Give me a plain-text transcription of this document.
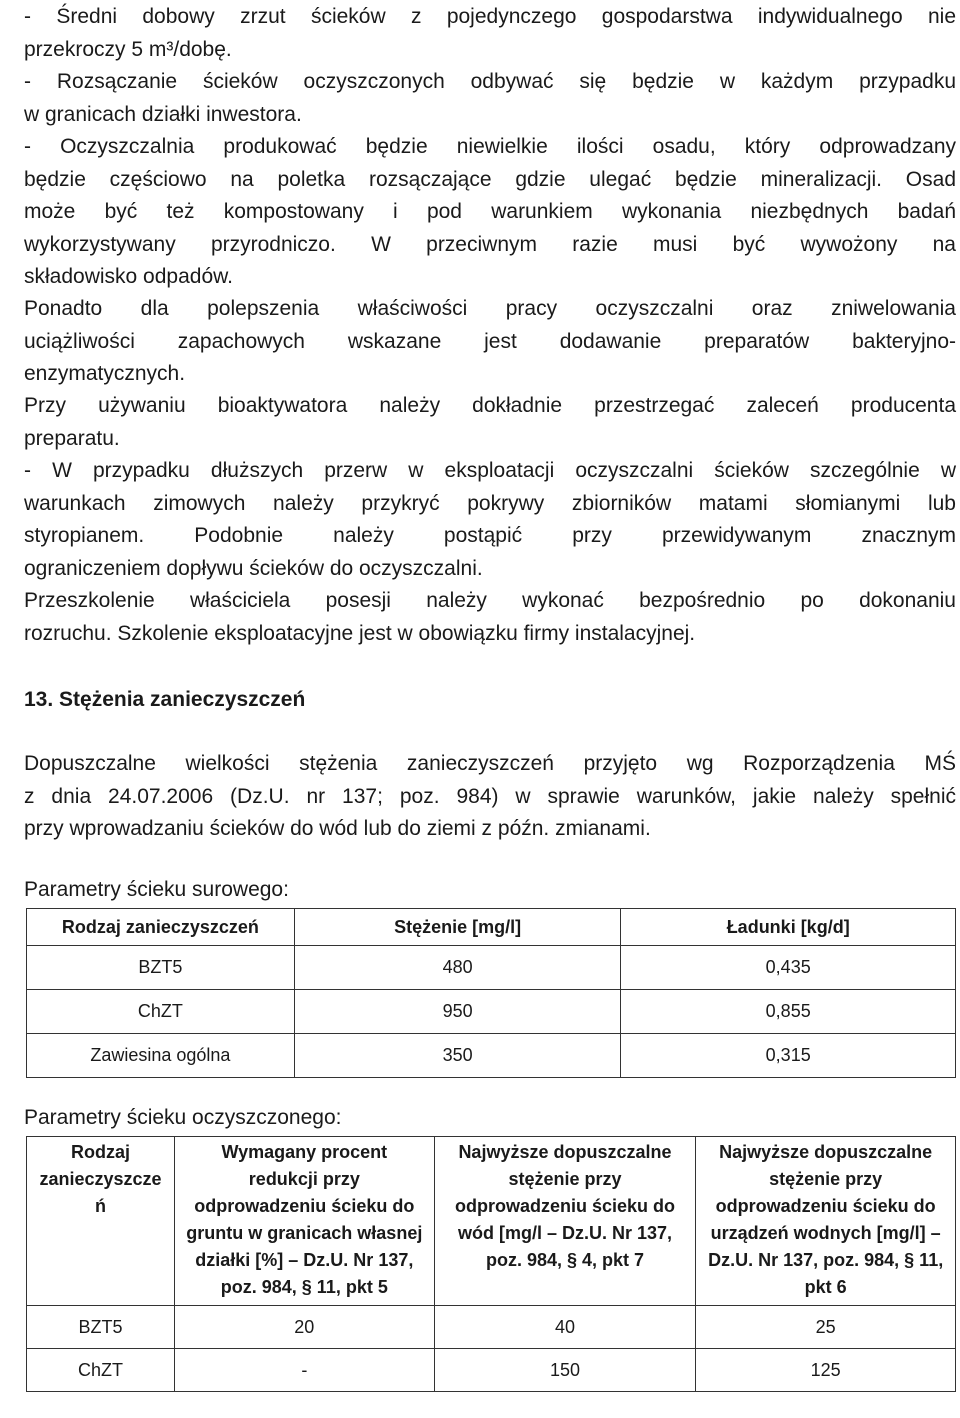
- Średni dobowy zrzut ścieków z pojedynczego gospodarstwa indywidualnego nie
przekroczy 5 m³/dobę.
- Rozsączanie ścieków oczyszczonych odbywać się będzie w każdym przypadku
w granicach działki inwestora.
- Oczyszczalnia produkować będzie niewielkie ilości osadu, który odprowadzany
będzie częściowo na poletka rozsączające gdzie ulegać będzie mineralizacji. Osad
może być też kompostowany i pod warunkiem wykonania niezbędnych badań
wykorzystywany przyrodniczo. W przeciwnym razie musi być wywożony na
składowisko odpadów.
Ponadto dla polepszenia właściwości pracy oczyszczalni oraz zniwelowania
uciążliwości zapachowych wskazane jest dodawanie preparatów bakteryjno-
enzymatycznych.
Przy używaniu bioaktywatora należy dokładnie przestrzegać zaleceń producenta
preparatu.
- W przypadku dłuższych przerw w eksploatacji oczyszczalni ścieków szczególnie w
warunkach zimowych należy przykryć pokrywy zbiorników matami słomianymi lub
styropianem. Podobnie należy postąpić przy przewidywanym znacznym
ograniczeniem dopływu ścieków do oczyszczalni.
Przeszkolenie właściciela posesji należy wykonać bezpośrednio po dokonaniu
rozruchu. Szkolenie eksploatacyjne jest w obowiązku firmy instalacyjnej.
13. Stężenia zanieczyszczeń
Dopuszczalne wielkości stężenia zanieczyszczeń przyjęto wg Rozporządzenia MŚ
z dnia 24.07.2006 (Dz.U. nr 137; poz. 984) w sprawie warunków, jakie należy spełnić
przy wprowadzaniu ścieków do wód lub do ziemi z późn. zmianami.

Parametry ścieku surowego:

Rodzaj zanieczyszczeń	Stężenie [mg/l]	Ładunki [kg/d]
BZT5	480	0,435
ChZT	950	0,855
Zawiesina ogólna	350	0,315

Parametry ścieku oczyszczonego:

Rodzaj zanieczyszcze ń	Wymagany procent redukcji przy odprowadzeniu ścieku do gruntu w granicach własnej działki [%] – Dz.U. Nr 137, poz. 984, § 11, pkt 5	Najwyższe dopuszczalne stężenie przy odprowadzeniu ścieku do wód [mg/l – Dz.U. Nr 137, poz. 984, § 4, pkt 7	Najwyższe dopuszczalne stężenie przy odprowadzeniu ścieku do urządzeń wodnych [mg/l] – Dz.U. Nr 137, poz. 984, § 11, pkt 6
BZT5	20	40	25
ChZT	-	150	125
